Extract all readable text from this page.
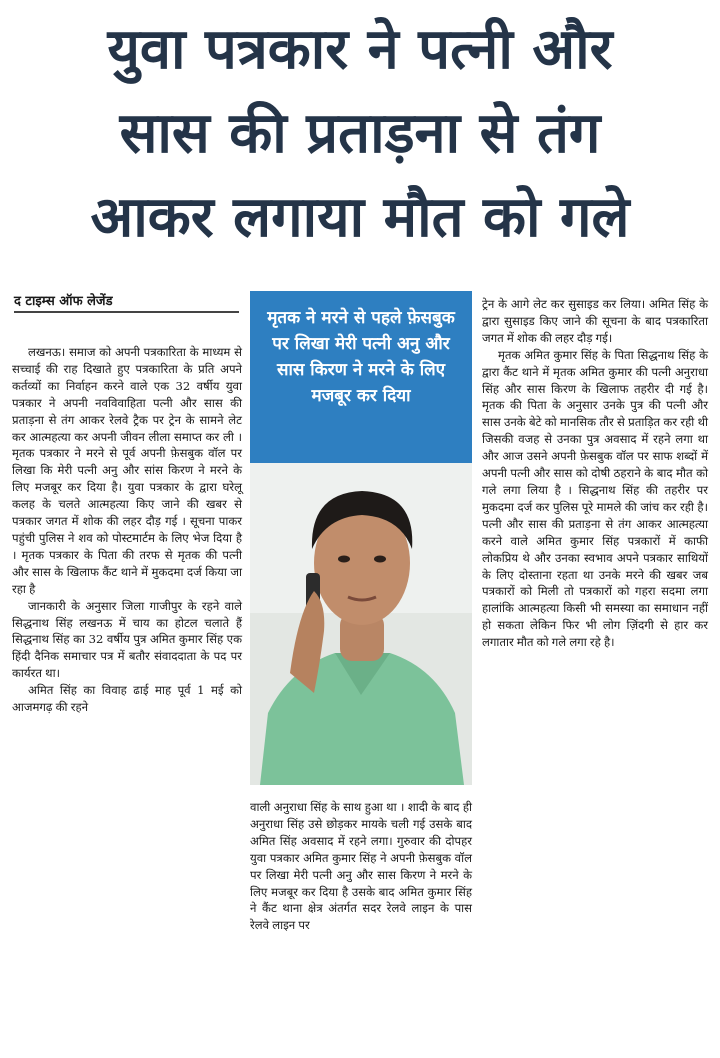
युवा पत्रकार ने पत्नी और
सास की प्रताड़ना से तंग
आकर लगाया मौत को गले
द टाइम्स ऑफ लेजेंड

लखनऊ। समाज को अपनी पत्रकारिता के माध्यम से सच्चाई की राह दिखाते हुए पत्रकारिता के प्रति अपने कर्तव्यों का निर्वाहन करने वाले एक 32 वर्षीय युवा पत्रकार ने अपनी नवविवाहिता पत्नी और सास की प्रताड़ना से तंग आकर रेलवे ट्रैक पर ट्रेन के सामने लेट कर आत्महत्या कर अपनी जीवन लीला समाप्त कर ली । मृतक पत्रकार ने मरने से पूर्व अपनी फ़ेसबुक वॉल पर लिखा कि मेरी पत्नी अनु और सांस किरण ने मरने के लिए मजबूर कर दिया है। युवा पत्रकार के द्वारा घरेलू कलह के चलते आत्महत्या किए जाने की खबर से पत्रकार जगत में शोक की लहर दौड़ गई । सूचना पाकर पहुंची पुलिस ने शव को पोस्टमार्टम के लिए भेज दिया है । मृतक पत्रकार के पिता की तरफ से मृतक की पत्नी और सास के खिलाफ कैंट थाने में मुकदमा दर्ज किया जा रहा है

जानकारी के अनुसार जिला गाजीपुर के रहने वाले सिद्धनाथ सिंह लखनऊ में चाय का होटल चलाते हैं सिद्धनाथ सिंह का 32 वर्षीय पुत्र अमित कुमार सिंह एक हिंदी दैनिक समाचार पत्र में बतौर संवाददाता के पद पर कार्यरत था।

अमित सिंह का विवाह ढाई माह पूर्व 1 मई को आजमगढ़ की रहने

मृतक ने मरने से पहले फ़ेसबुक पर लिखा मेरी पत्नी अनु और सास किरण ने मरने के लिए मजबूर कर दिया

वाली अनुराधा सिंह के साथ हुआ था । शादी के बाद ही अनुराधा सिंह उसे छोड़कर मायके चली गई उसके बाद अमित सिंह अवसाद में रहने लगा। गुरुवार की दोपहर युवा पत्रकार अमित कुमार सिंह ने अपनी फ़ेसबुक वॉल पर लिखा मेरी पत्नी अनु और सास किरण ने मरने के लिए मजबूर कर दिया है उसके बाद अमित कुमार सिंह ने कैंट थाना क्षेत्र अंतर्गत सदर रेलवे लाइन के पास रेलवे लाइन पर

ट्रेन के आगे लेट कर सुसाइड कर लिया। अमित सिंह के द्वारा सुसाइड किए जाने की सूचना के बाद पत्रकारिता जगत में शोक की लहर दौड़ गई।

मृतक अमित कुमार सिंह के पिता सिद्धनाथ सिंह के द्वारा कैंट थाने में मृतक अमित कुमार की पत्नी अनुराधा सिंह और सास किरण के खिलाफ तहरीर दी गई है। मृतक की पिता के अनुसार उनके पुत्र की पत्नी और सास उनके बेटे को मानसिक तौर से प्रताड़ित कर रही थी जिसकी वजह से उनका पुत्र अवसाद में रहने लगा था और आज उसने अपनी फ़ेसबुक वॉल पर साफ शब्दों में अपनी पत्नी और सास को दोषी ठहराने के बाद मौत को गले लगा लिया है । सिद्धनाथ सिंह की तहरीर पर मुकदमा दर्ज कर पुलिस पूरे मामले की जांच कर रही है। पत्नी और सास की प्रताड़ना से तंग आकर आत्महत्या करने वाले अमित कुमार सिंह पत्रकारों में काफी लोकप्रिय थे और उनका स्वभाव अपने पत्रकार साथियों के लिए दोस्ताना रहता था उनके मरने की खबर जब पत्रकारों को मिली तो पत्रकारों को गहरा सदमा लगा हालांकि आत्महत्या किसी भी समस्या का समाधान नहीं हो सकता लेकिन फिर भी लोग ज़िंदगी से हार कर लगातार मौत को गले लगा रहे है।
